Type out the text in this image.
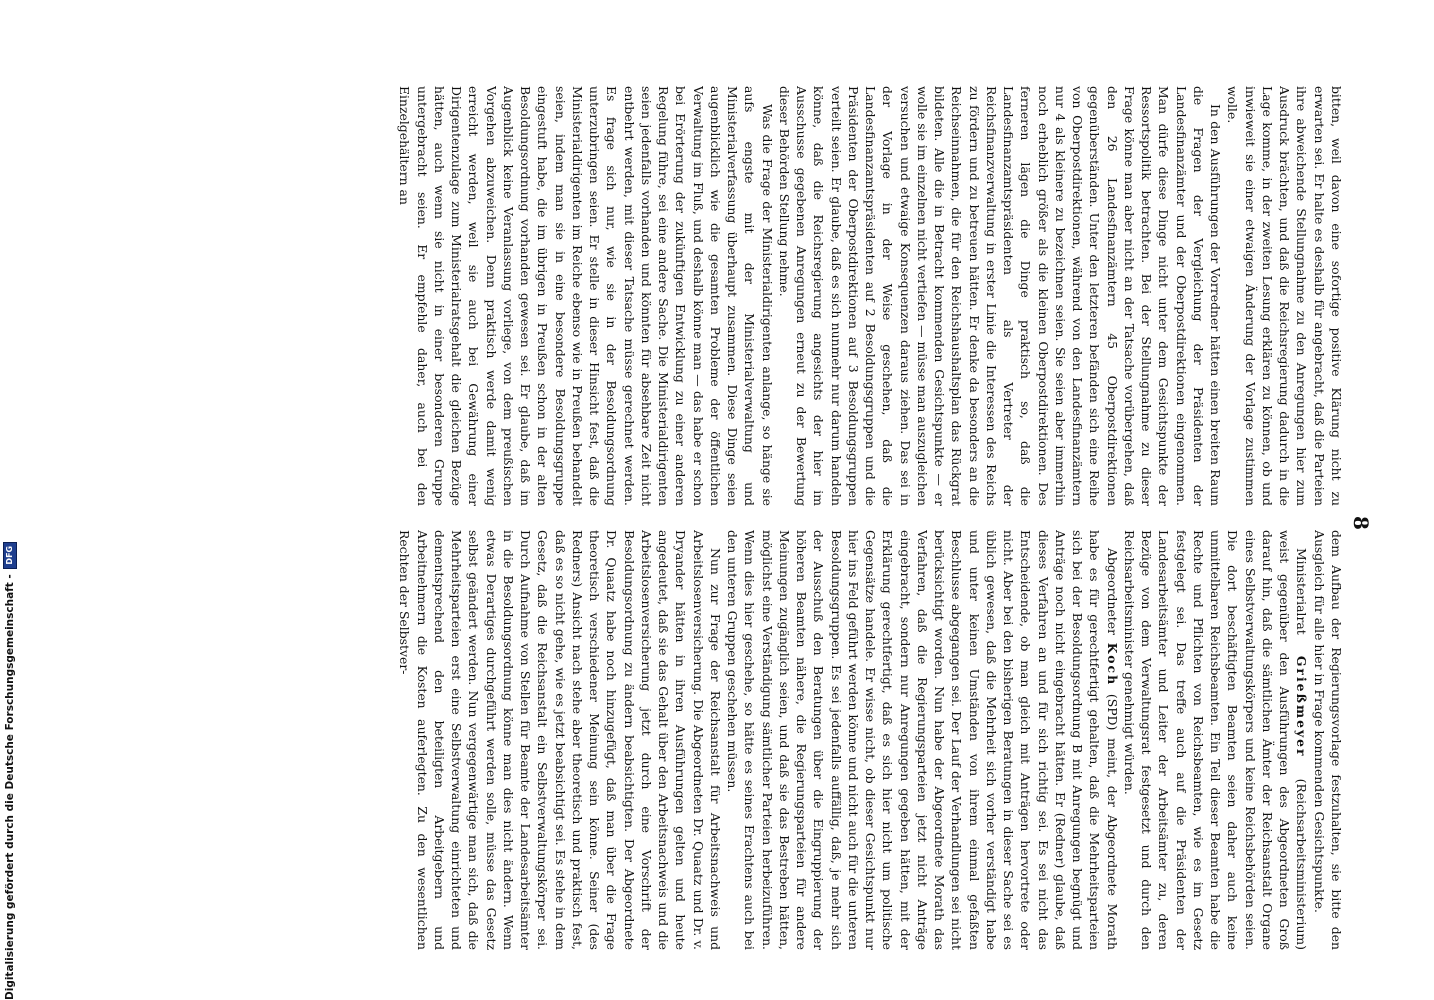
8

bitten, weil davon eine sofortige positive Klärung nicht zu erwarten sei. Er halte es deshalb für angebracht, daß die Parteien ihre abweichende Stellungnahme zu den Anregungen hier zum Ausdruck brächten, und daß die Reichsregierung dadurch in die Lage komme, in der zweiten Lesung erklären zu können, ob und inwieweit sie einer etwaigen Änderung der Vorlage zustimmen wolle.

In den Ausführungen der Vorredner hätten einen breiten Raum die Fragen der Vergleichung der Präsidenten der Landesfinanzämter und der Oberpostdirektionen eingenommen. Man dürfe diese Dinge nicht unter dem Gesichtspunkte der Ressortspolitik betrachten. Bei der Stellungnahme zu dieser Frage könne man aber nicht an der Tatsache vorübergehen, daß den 26 Landesfinanzämtern 45 Oberpostdirektionen gegenüberständen. Unter den letzteren befänden sich eine Reihe von Oberpostdirektionen, während von den Landesfinanzämtern nur 4 als kleinere zu bezeichnen seien. Sie seien aber immerhin noch erheblich größer als die kleinen Oberpostdirektionen. Des ferneren lägen die Dinge praktisch so, daß die Landesfinanzamtspräsidenten als Vertreter der Reichsfinanzverwaltung in erster Linie die Interessen des Reichs zu fördern und zu betreuen hätten. Er denke da besonders an die Reichseinnahmen, die für den Reichshaushaltsplan das Rückgrat bildeten. Alle die in Betracht kommenden Gesichtspunkte — er wolle sie im einzelnen nicht vertiefen — müsse man auszugleichen versuchen und etwaige Konsequenzen daraus ziehen. Das sei in der Vorlage in der Weise geschehen, daß die Landesfinanzamtspräsidenten auf 2 Besoldungsgruppen und die Präsidenten der Oberpostdirektionen auf 3 Besoldungsgruppen verteilt seien. Er glaube, daß es sich nunmehr nur darum handeln könne, daß die Reichsregierung angesichts der hier im Ausschusse gegebenen Anregungen erneut zu der Bewertung dieser Behörden Stellung nehme.

Was die Frage der Ministerialdirigenten anlange, so hänge sie aufs engste mit der Ministerialverwaltung und Ministerialverfassung überhaupt zusammen. Diese Dinge seien augenblicklich wie die gesamten Probleme der öffentlichen Verwaltung im Fluß, und deshalb könne man — das habe er schon bei Erörterung der zukünftigen Entwicklung zu einer anderen Regelung führe, sei eine andere Sache. Die Ministerialdirigenten seien jedenfalls vorhanden und könnten für absehbare Zeit nicht entbehrt werden, mit dieser Tatsache müsse gerechnet werden. Es frage sich nur, wie sie in der Besoldungsordnung unterzubringen seien. Er stelle in dieser Hinsicht fest, daß die Ministerialdirigenten im Reiche ebenso wie in Preußen behandelt seien, indem man sie in eine besondere Besoldungsgruppe eingestuft habe, die im übrigen in Preußen schon in der alten Besoldungsordnung vorhanden gewesen sei. Er glaube, daß im Augenblick keine Veranlassung vorliege, von dem preußischen Vorgehen abzuweichen. Denn praktisch werde damit wenig erreicht werden, weil sie auch bei Gewährung einer Dirigentenzulage zum Ministerialratsgehalt die gleichen Bezüge hätten, auch wenn sie nicht in einer besonderen Gruppe untergebracht seien. Er empfehle daher, auch bei den Einzelgehältern an

dem Aufbau der Regierungsvorlage festzuhalten, sie bitte den Ausgleich für alle hier in Frage kommenden Gesichtspunkte.

Ministerialrat Grießmeyer (Reichsarbeitsministerium) weist gegenüber den Ausführungen des Abgeordneten Groß darauf hin, daß die sämtlichen Ämter der Reichsanstalt Organe eines Selbstverwaltungskörpers und keine Reichsbehörden seien. Die dort beschäftigten Beamten seien daher auch keine unmittelbaren Reichsbeamten. Ein Teil dieser Beamten habe die Rechte und Pflichten von Reichsbeamten, wie es im Gesetz festgelegt sei. Das treffe auch auf die Präsidenten der Landesarbeitsämter und Leiter der Arbeitsämter zu, deren Bezüge von dem Verwaltungsrat festgesetzt und durch den Reichsarbeitsminister genehmigt würden.

Abgeordneter Koch (SPD) meint, der Abgeordnete Morath habe es für gerechtfertigt gehalten, daß die Mehrheitsparteien sich bei der Besoldungsordnung B mit Anregungen begnügt und Anträge noch nicht eingebracht hätten. Er (Redner) glaube, daß dieses Verfahren an und für sich richtig sei. Es sei nicht das Entscheidende, ob man gleich mit Anträgen hervortrete oder nicht. Aber bei den bisherigen Beratungen in dieser Sache sei es üblich gewesen, daß die Mehrheit sich vorher verständigt habe und unter keinen Umständen von ihrem einmal gefaßten Beschlusse abgegangen sei. Der Lauf der Verhandlungen sei nicht berücksichtigt worden. Nun habe der Abgeordnete Morath das Verfahren, daß die Regierungsparteien jetzt nicht Anträge eingebracht, sondern nur Anregungen gegeben hätten, mit der Erklärung gerechtfertigt, daß es sich hier nicht um politische Gegensätze handele. Er wisse nicht, ob dieser Gesichtspunkt nur hier ins Feld geführt werden könne und nicht auch für die unteren Besoldungsgruppen. Es sei jedenfalls auffällig, daß, je mehr sich der Ausschuß den Beratungen über die Eingruppierung der höheren Beamten nähere, die Regierungsparteien für andere Meinungen zugänglich seien, und daß sie das Bestreben hätten, möglichst eine Verständigung sämtlicher Parteien herbeizuführen. Wenn dies hier geschehe, so hätte es seines Erachtens auch bei den unteren Gruppen geschehen müssen.

Nun zur Frage der Reichsanstalt für Arbeitsnachweis und Arbeitslosenversicherung. Die Abgeordneten Dr. Quaatz und Dr. v. Dryander hätten in ihren Ausführungen gelten und heute angedeutet, daß sie das Gehalt über den Arbeitsnachweis und die Arbeitslosenversicherung jetzt durch eine Vorschrift der Besoldungsordnung zu ändern beabsichtigten. Der Abgeordnete Dr. Quaatz habe noch hinzugefügt, daß man über die Frage theoretisch verschiedener Meinung sein könne. Seiner (des Redners) Ansicht nach stehe aber theoretisch und praktisch fest, daß es so nicht gehe, wie es jetzt beabsichtigt sei. Es stehe in dem Gesetz, daß die Reichsanstalt ein Selbstverwaltungskörper sei. Durch Aufnahme von Stellen für Beamte der Landesarbeitsämter in die Besoldungsordnung könne man dies nicht ändern. Wenn etwas Derartiges durchgeführt werden solle, müsse das Gesetz selbst geändert werden. Nun vergegenwärtige man sich, daß die Mehrheitsparteien erst eine Selbstverwaltung einrichteten und dementsprechend den beteiligten Arbeitgebern und Arbeitnehmern die Kosten auferlegten. Zu den wesentlichen Rechten der Selbstver-

Digitalisierung gefördert durch die Deutsche Forschungsgemeinschaft - DFG
